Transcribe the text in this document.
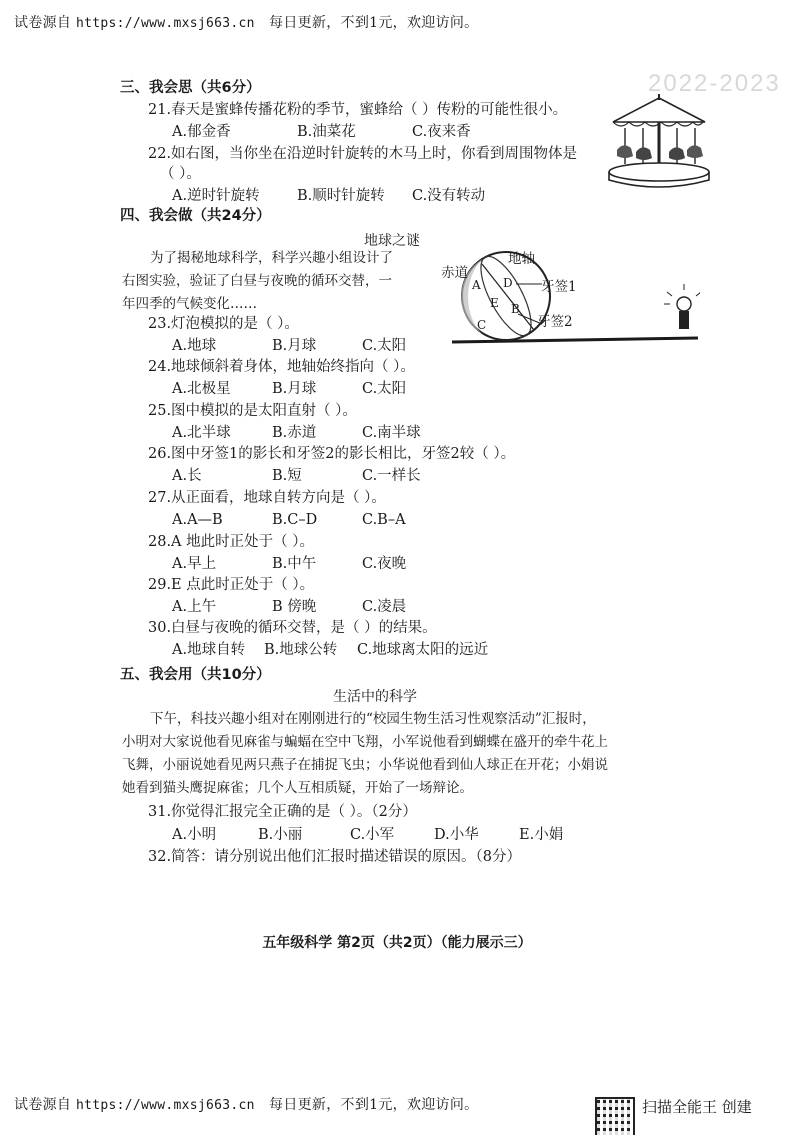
试卷源自 https://www.mxsj663.cn 每日更新，不到1元，欢迎访问。
2022-2023
三、我会思（共6分）
21.春天是蜜蜂传播花粉的季节，蜜蜂给（ ）传粉的可能性很小。
A.郁金香	B.油菜花	C.夜来香
22.如右图，当你坐在沿逆时针旋转的木马上时，你看到周围物体是
（ ）。
A.逆时针旋转	B.顺时针旋转 C.没有转动
四、我会做（共24分）
地球之谜
为了揭秘地球科学，科学兴趣小组设计了
右图实验，验证了白昼与夜晚的循环交替，一
年四季的气候变化……
赤道
地轴
牙签1
牙签2
A
B
C
D
E
23.灯泡模拟的是（ ）。
A.地球	B.月球	C.太阳
24.地球倾斜着身体，地轴始终指向（ ）。
A.北极星	B.月球	C.太阳
25.图中模拟的是太阳直射（ ）。
A.北半球	B.赤道	C.南半球
26.图中牙签1的影长和牙签2的影长相比，牙签2较（ ）。
A.长	B.短	C.一样长
27.从正面看，地球自转方向是（ ）。
A.A—B	B.C–D	C.B–A
28.A 地此时正处于（ ）。
A.早上	B.中午	C.夜晚
29.E 点此时正处于（ ）。
A.上午	B 傍晚	C.凌晨
30.白昼与夜晚的循环交替，是（ ）的结果。
A.地球自转 B.地球公转 C.地球离太阳的远近
五、我会用（共10分）
生活中的科学
下午，科技兴趣小组对在刚刚进行的“校园生物生活习性观察活动”汇报时，
小明对大家说他看见麻雀与蝙蝠在空中飞翔，小军说他看到蝴蝶在盛开的牵牛花上
飞舞，小丽说她看见两只燕子在捕捉飞虫；小华说他看到仙人球正在开花；小娟说
她看到猫头鹰捉麻雀；几个人互相质疑，开始了一场辩论。
31.你觉得汇报完全正确的是（ ）。（2分）
A.小明	B.小丽	C.小军	D.小华	E.小娟
32.简答：请分别说出他们汇报时描述错误的原因。（8分）
五年级科学 第2页（共2页）（能力展示三）
试卷源自 https://www.mxsj663.cn 每日更新，不到1元，欢迎访问。	扫描全能王 创建
